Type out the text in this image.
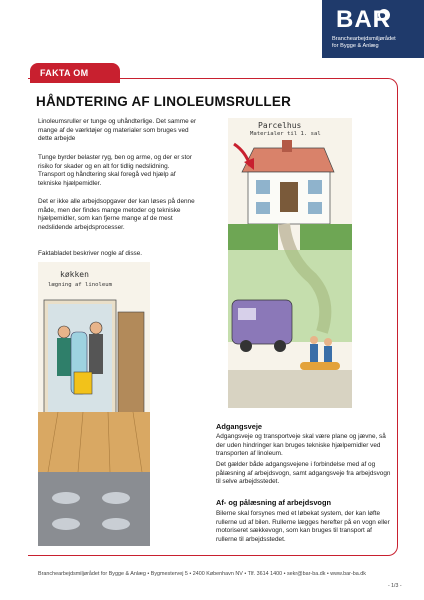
BAR
Branchearbejdsmiljørådet
for Bygge & Anlæg
FAKTA OM
HÅNDTERING AF LINOLEUMSRULLER

Linoleumsruller er tunge og uhåndterlige. Det samme er mange af de værktøjer og materialer som bruges ved dette arbejde

Tunge byrder belaster ryg, ben og arme, og der er stor risiko for skader og en alt for tidlig nedslidning. Transport og håndtering skal foregå ved hjælp af tekniske hjælpemidler.

Det er ikke alle arbejdsopgaver der kan løses på denne måde, men der findes mange metoder og tekniske hjælpemidler, som kan fjerne mange af de mest nedslidende arbejdsprocesser.

Faktabladet beskriver nogle af disse.

køkken
lægning af linoleum
Parcelhus
Materialer til 1. sal
Adgangsveje

Adgangsveje og transportveje skal være plane og jævne, så der uden hindringer kan bruges tekniske hjælpemidler ved transporten af linoleum.

Det gælder både adgangsvejene i forbindelse med af og pålæsning af arbejdsvogn, samt adgangsveje fra arbejdsvogn til selve arbejdsstedet.

Af- og pålæsning af arbejdsvogn

Bilerne skal forsynes med et løbekat system, der kan løfte rullerne ud af bilen. Rullerne lægges herefter på en vogn eller motoriseret sækkevogn, som kan bruges til transport af rullerne til arbejdsstedet.

Branchearbejdsmiljørådet for Bygge & Anlæg • Bygmestervej 5 • 2400 København NV • Tlf. 3614 1400 • sekr@bar-ba.dk • www.bar-ba.dk
- 1/3 -
